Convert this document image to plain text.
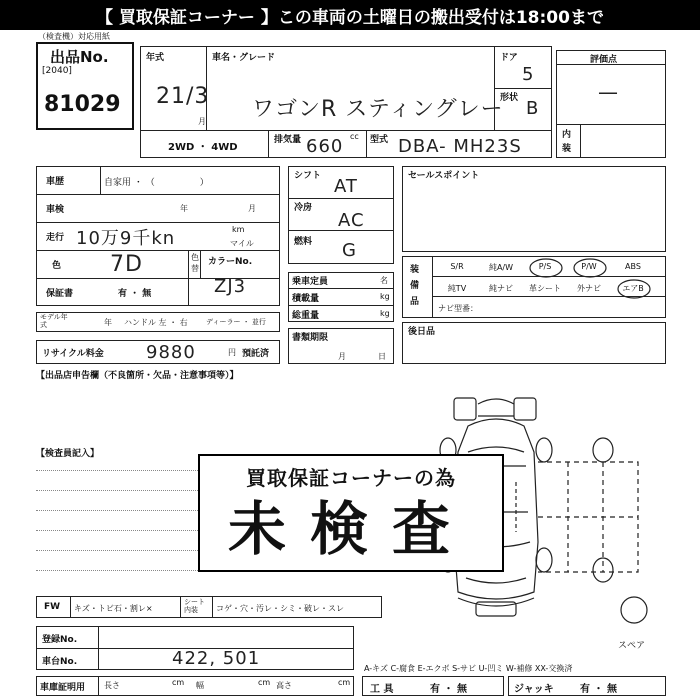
【 買取保証コーナー 】この車両の土曜日の搬出受付は18:00まで
（検査機）対応用紙
出品No.
[2040]
81029
年式
21/3
月
車名・グレード
ワゴンR スティングレー
ドア
5
形状 B
2WD ・ 4WD
排気量 660 cc 型式 DBA- MH23S
評価点
—
内装
車歴	自家用 ・ （　　　　　）
車検	年	月
走行 10万9千kn	km
マイル
色 7D	色替
カラーNo.
ZJ3
保証書	有 ・ 無
モデル年式	年 ハンドル 左 ・ 右	ディーラー ・ 並行
リサイクル料金 9880	円 預託済
シフト AT
冷房
AC
燃料 G
乗車定員	名
積載量	kg
総重量	kg
書類期限
月	日
セールスポイント
装備品
S/R	純A/W	P/S	P/W	ABS
純TV	純ナビ	革シート	外ナビ	エアB
ナビ型番：
後日品
【出品店申告欄（不良箇所・欠品・注意事項等）】
【検査員記入】
スペア
買取保証コーナーの為
未検査
FW キズ・トビ石・割レ×
シート内装	コゲ・穴・汚レ・シミ・破レ・スレ
登録No.
車台No.	422, 501
車庫証明用 長さ	cm 幅	cm 高さ	cm
A-キズ C-腐食 E-エクボ S-サビ U-凹ミ W-補修 XX-交換済
工 具	有 ・ 無	ジャッキ	有 ・ 無
